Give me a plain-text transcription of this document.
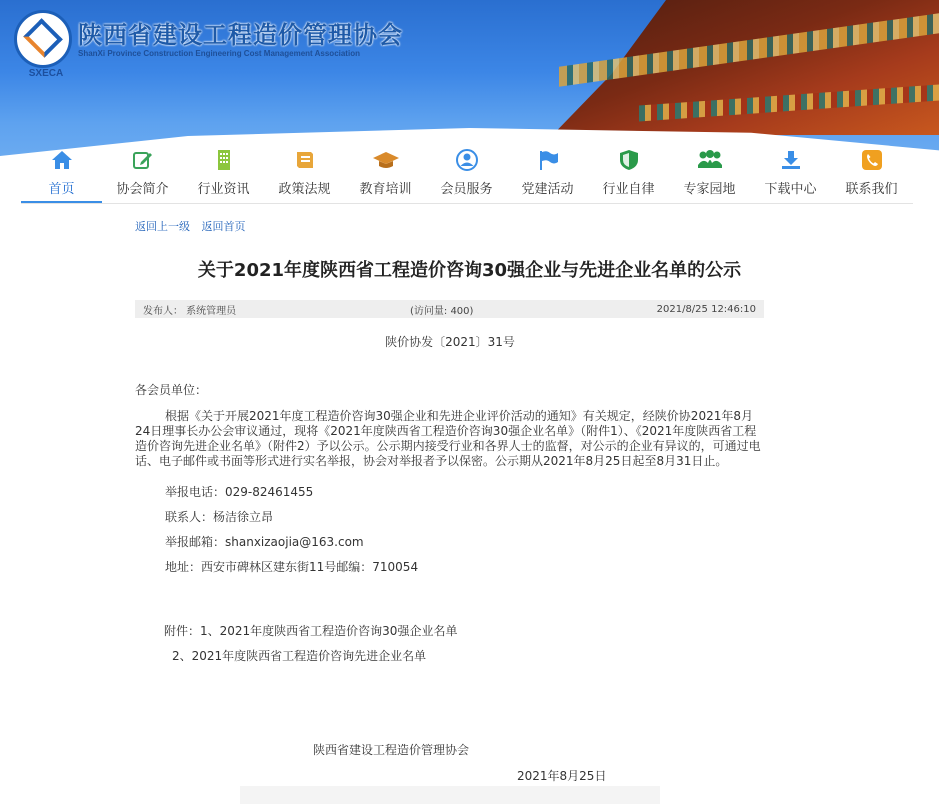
SXECA
陕西省建设工程造价管理协会
ShanXi Province Construction Engineering Cost Management Association
首页	协会简介	行业资讯	政策法规	教育培训	会员服务	党建活动	行业自律	专家园地	下载中心	联系我们
返回上一级 返回首页
关于2021年度陕西省工程造价咨询30强企业与先进企业名单的公示
发布人： 系统管理员	(访问量: 400)	2021/8/25 12:46:10
陕价协发〔2021〕31号

各会员单位：

根据《关于开展2021年度工程造价咨询30强企业和先进企业评价活动的通知》有关规定，经陕价协2021年8月24日理事长办公会审议通过，现将《2021年度陕西省工程造价咨询30强企业名单》（附件1）、《2021年度陕西省工程造价咨询先进企业名单》（附件2）予以公示。公示期内接受行业和各界人士的监督，对公示的企业有异议的，可通过电话、电子邮件或书面等形式进行实名举报，协会对举报者予以保密。公示期从2021年8月25日起至8月31日止。

举报电话：029-82461455

联系人：杨洁徐立昂

举报邮箱：shanxizaojia@163.com

地址：西安市碑林区建东街11号邮编：710054

附件：1、2021年度陕西省工程造价咨询30强企业名单
2、2021年度陕西省工程造价咨询先进企业名单
陕西省建设工程造价管理协会
2021年8月25日
